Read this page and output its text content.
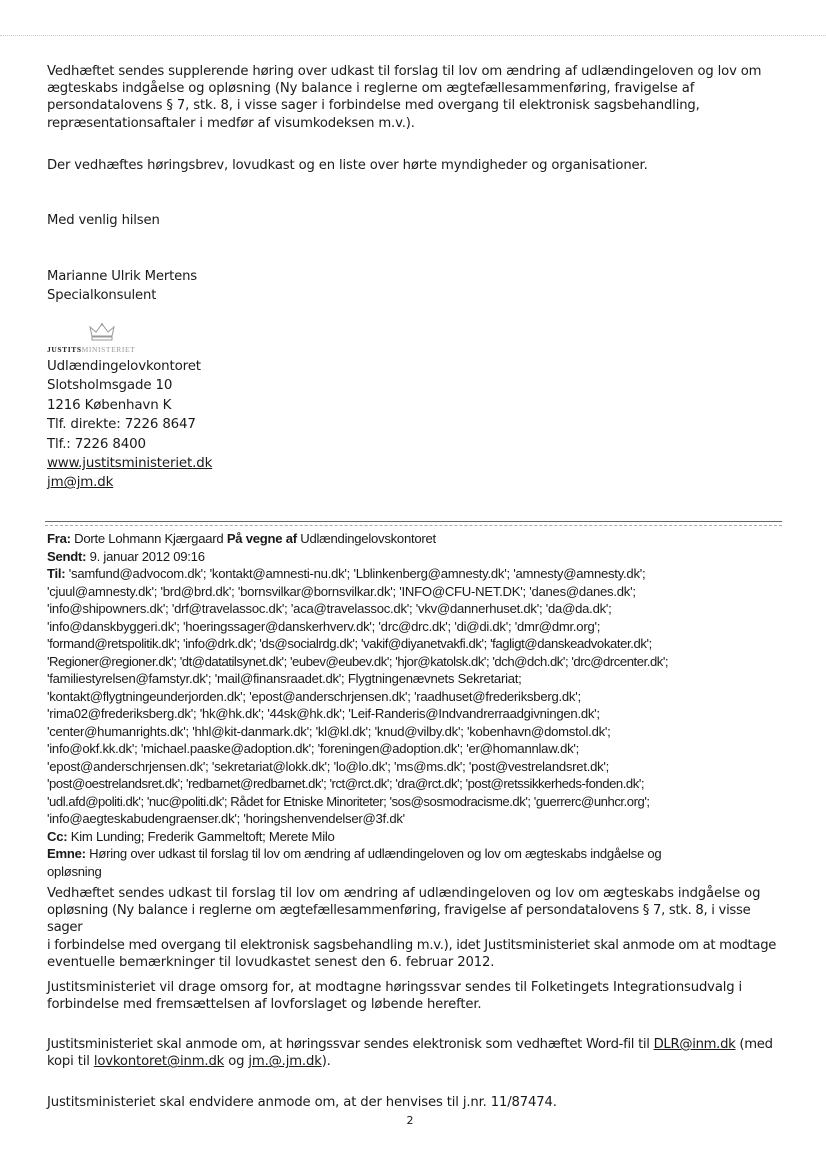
Vedhæftet sendes supplerende høring over udkast til forslag til lov om ændring af udlændingeloven og lov om
ægteskabs indgåelse og opløsning (Ny balance i reglerne om ægtefællesammenføring, fravigelse af
persondatalovens § 7, stk. 8, i visse sager i forbindelse med overgang til elektronisk sagsbehandling,
repræsentationsaftaler i medfør af visumkodeksen m.v.).
Der vedhæftes høringsbrev, lovudkast og en liste over hørte myndigheder og organisationer.
Med venlig hilsen
Marianne Ulrik Mertens
Specialkonsulent
JUSTITSMINISTERIET
Udlændingelovkontoret
Slotsholmsgade 10
1216 København K
Tlf. direkte: 7226 8647
Tlf.: 7226 8400
www.justitsministeriet.dk
jm@jm.dk
Fra: Dorte Lohmann Kjærgaard På vegne af Udlændingelovskontoret
Sendt: 9. januar 2012 09:16
Til: 'samfund@advocom.dk'; 'kontakt@amnesti-nu.dk'; 'Lblinkenberg@amnesty.dk'; 'amnesty@amnesty.dk';
'cjuul@amnesty.dk'; 'brd@brd.dk'; 'bornsvilkar@bornsvilkar.dk'; 'INFO@CFU-NET.DK'; 'danes@danes.dk';
'info@shipowners.dk'; 'drf@travelassoc.dk'; 'aca@travelassoc.dk'; 'vkv@dannerhuset.dk'; 'da@da.dk';
'info@danskbyggeri.dk'; 'hoeringssager@danskerhverv.dk'; 'drc@drc.dk'; 'di@di.dk'; 'dmr@dmr.org';
'formand@retspolitik.dk'; 'info@drk.dk'; 'ds@socialrdg.dk'; 'vakif@diyanetvakfi.dk'; 'fagligt@danskeadvokater.dk';
'Regioner@regioner.dk'; 'dt@datatilsynet.dk'; 'eubev@eubev.dk'; 'hjor@katolsk.dk'; 'dch@dch.dk'; 'drc@drcenter.dk';
'familiestyrelsen@famstyr.dk'; 'mail@finansraadet.dk'; Flygtningenævnets Sekretariat;
'kontakt@flygtningeunderjorden.dk'; 'epost@anderschrjensen.dk'; 'raadhuset@frederiksberg.dk';
'rima02@frederiksberg.dk'; 'hk@hk.dk'; '44sk@hk.dk'; 'Leif-Randeris@Indvandrerraadgivningen.dk';
'center@humanrights.dk'; 'hhl@kit-danmark.dk'; 'kl@kl.dk'; 'knud@vilby.dk'; 'kobenhavn@domstol.dk';
'info@okf.kk.dk'; 'michael.paaske@adoption.dk'; 'foreningen@adoption.dk'; 'er@homannlaw.dk';
'epost@anderschrjensen.dk'; 'sekretariat@lokk.dk'; 'lo@lo.dk'; 'ms@ms.dk'; 'post@vestrelandsret.dk';
'post@oestrelandsret.dk'; 'redbarnet@redbarnet.dk'; 'rct@rct.dk'; 'dra@rct.dk'; 'post@retssikkerheds-fonden.dk';
'udl.afd@politi.dk'; 'nuc@politi.dk'; Rådet for Etniske Minoriteter; 'sos@sosmodracisme.dk'; 'guerrerc@unhcr.org';
'info@aegteskabudengraenser.dk'; 'horingshenvendelser@3f.dk'
Cc: Kim Lunding; Frederik Gammeltoft; Merete Milo
Emne: Høring over udkast til forslag til lov om ændring af udlændingeloven og lov om ægteskabs indgåelse og
opløsning
Vedhæftet sendes udkast til forslag til lov om ændring af udlændingeloven og lov om ægteskabs indgåelse og
opløsning (Ny balance i reglerne om ægtefællesammenføring, fravigelse af persondatalovens § 7, stk. 8, i visse sager
i forbindelse med overgang til elektronisk sagsbehandling m.v.), idet Justitsministeriet skal anmode om at modtage
eventuelle bemærkninger til lovudkastet senest den 6. februar 2012.
Justitsministeriet vil drage omsorg for, at modtagne høringssvar sendes til Folketingets Integrationsudvalg i
forbindelse med fremsættelsen af lovforslaget og løbende herefter.
Justitsministeriet skal anmode om, at høringssvar sendes elektronisk som vedhæftet Word-fil til DLR@inm.dk (med
kopi til lovkontoret@inm.dk og jm.@.jm.dk).
Justitsministeriet skal endvidere anmode om, at der henvises til j.nr. 11/87474.
2
